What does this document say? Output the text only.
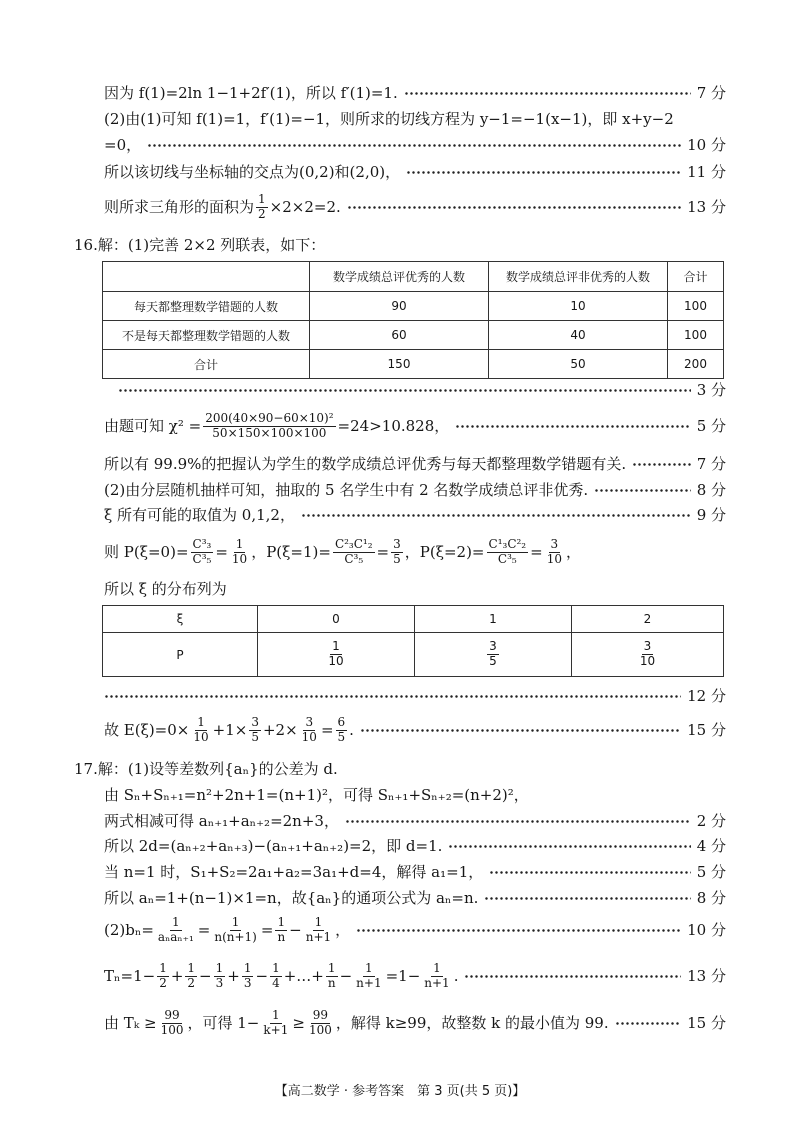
因为 f(1)=2ln 1−1+2f′(1)，所以 f′(1)=1.	7 分
(2)由(1)可知 f(1)=1，f′(1)=−1，则所求的切线方程为 y−1=−1(x−1)，即 x+y−2
=0，	10 分
所以该切线与坐标轴的交点为(0,2)和(2,0)，	11 分
则所求三角形的面积为 $\frac{1}{2} \times 2\times 2=2$.	13 分
16.解：(1)完善 2×2 列联表，如下：
	数学成绩总评优秀的人数	数学成绩总评非优秀的人数	合计
每天都整理数学错题的人数	90	10	100
不是每天都整理数学错题的人数	60	40	100
合计	150	50	200
3 分
由题可知 $\chi^2 = \frac{\text{200(40×90−60×10)²}}{50\times 150\times 100\times 100} =24>10.828$，	5 分
所以有 99.9%的把握认为学生的数学成绩总评优秀与每天都整理数学错题有关.	7 分
(2)由分层随机抽样可知，抽取的 5 名学生中有 2 名数学成绩总评非优秀.	8 分
ξ 所有可能的取值为 0,1,2，	9 分
则 $P(\xi=0)= \frac{\text{C³₃}}{\text{C³₅}} = \frac{1}{10}$ ，$P(\xi=1)= \frac{\text{C²₃C¹₂}}{\text{C³₅}} = \frac{3}{5}$ ，$P(\xi=2)= \frac{\text{C¹₃C²₂}}{\text{C³₅}} = \frac{3}{10}$ ，
所以 ξ 的分布列为
ξ	0	1	2
P	$\frac{1}{10}$	$\frac{3}{5}$	$\frac{3}{10}$
12 分
故 $E(\xi)=0\times \frac{1}{10} +1\times \frac{3}{5} +2\times \frac{3}{10} = \frac{6}{5}$ .	15 分
17.解：(1)设等差数列{aₙ}的公差为 d.
由 Sₙ+Sₙ₊₁=n²+2n+1=(n+1)²，可得 Sₙ₊₁+Sₙ₊₂=(n+2)²，
两式相减可得 aₙ₊₁+aₙ₊₂=2n+3，	2 分
所以 2d=(aₙ₊₂+aₙ₊₃)−(aₙ₊₁+aₙ₊₂)=2，即 d=1.	4 分
当 n=1 时，S₁+S₂=2a₁+a₂=3a₁+d=4，解得 a₁=1，	5 分
所以 aₙ=1+(n−1)×1=n，故{aₙ}的通项公式为 aₙ=n.	8 分
$(2)b_n= \frac{1}{\text{aₙaₙ₊₁}} = \frac{1}{n(n+1)} = \frac{1}{n} - \frac{1}{n+1}$ ，	10 分
$T_n=1- \frac{1}{2} + \frac{1}{2} - \frac{1}{3} + \frac{1}{3} - \frac{1}{4}$ +…+ $\frac{1}{n} - \frac{1}{n+1} =1- \frac{1}{n+1}$ .	13 分
由 $T_k \ge \frac{99}{100}$ ，可得 $1- \frac{1}{k+1} \ge \frac{99}{100}$ ，解得 k≥99，故整数 k 的最小值为 99.	15 分
【高二数学 · 参考答案　第 3 页(共 5 页)】
